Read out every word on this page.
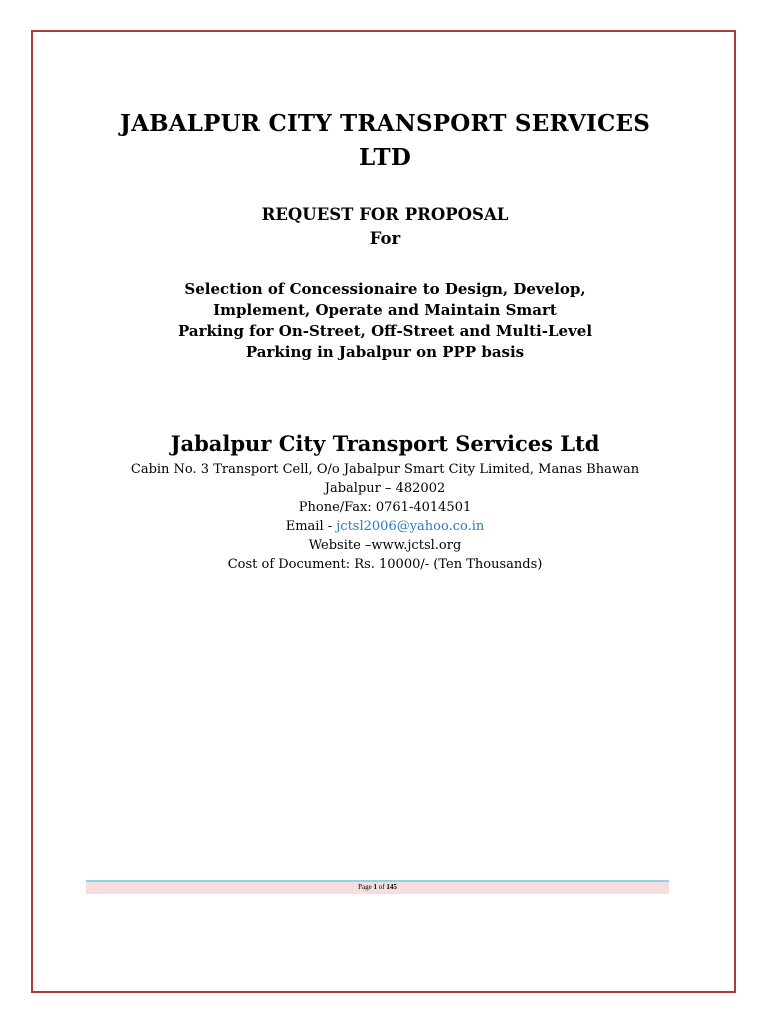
JABALPUR CITY TRANSPORT SERVICES
LTD
REQUEST FOR PROPOSAL
For
Selection of Concessionaire to Design, Develop,
Implement, Operate and Maintain Smart
Parking for On-Street, Off-Street and Multi-Level
Parking in Jabalpur on PPP basis
Jabalpur City Transport Services Ltd
Cabin No. 3 Transport Cell, O/o Jabalpur Smart City Limited, Manas Bhawan
Jabalpur – 482002
Phone/Fax: 0761-4014501
Email - jctsl2006@yahoo.co.in
Website –www.jctsl.org
Cost of Document: Rs. 10000/- (Ten Thousands)
Page 1 of 145
